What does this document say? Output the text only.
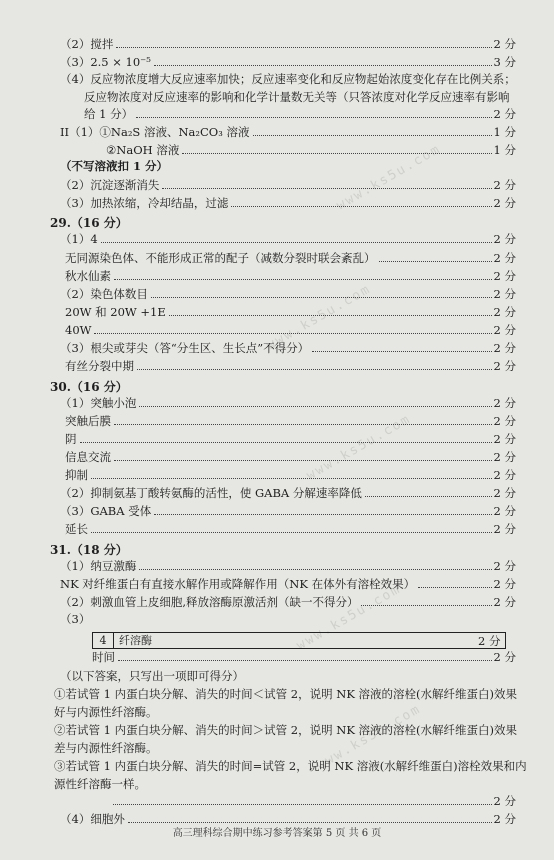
www.ks5u.com
www.ks5u.com
www.ks5u.com
www.ks5u.com
www.ks5u.com
（2）搅拌	2 分
（3）2.5 × 10⁻⁵	3 分
（4）反应物浓度增大反应速率加快；反应速率变化和反应物起始浓度变化存在比例关系；
反应物浓度对反应速率的影响和化学计量数无关等（只答浓度对化学反应速率有影响
给 1 分）	2 分
II（1）①Na₂S 溶液、Na₂CO₃ 溶液	1 分
②NaOH 溶液	1 分
（不写溶液扣 1 分）
（2）沉淀逐渐消失	2 分
（3）加热浓缩，冷却结晶，过滤	2 分
29.（16 分）
（1）4	2 分
无同源染色体、不能形成正常的配子（减数分裂时联会紊乱）	2 分
秋水仙素	2 分
（2）染色体数目	2 分
20W 和 20W +1E	2 分
40W	2 分
（3）根尖或芽尖（答“分生区、生长点”不得分）	2 分
有丝分裂中期	2 分
30.（16 分）
（1）突触小泡	2 分
突触后膜	2 分
阴	2 分
信息交流	2 分
抑制	2 分
（2）抑制氨基丁酸转氨酶的活性，使 GABA 分解速率降低	2 分
（3）GABA 受体	2 分
延长	2 分
31.（18 分）
（1）纳豆激酶	2 分
NK 对纤维蛋白有直接水解作用或降解作用（NK 在体外有溶栓效果）	2 分
（2）刺激血管上皮细胞,释放溶酶原激活剂（缺一不得分）	2 分
（3）
4	纤溶酶	2 分
时间	2 分
（以下答案，只写出一项即可得分）
①若试管 1 内蛋白块分解、消失的时间＜试管 2，说明 NK 溶液的溶栓(水解纤维蛋白)效果
好与内源性纤溶酶。
②若试管 1 内蛋白块分解、消失的时间＞试管 2，说明 NK 溶液的溶栓(水解纤维蛋白)效果
差与内源性纤溶酶。
③若试管 1 内蛋白块分解、消失的时间=试管 2，说明 NK 溶液(水解纤维蛋白)溶栓效果和内
源性纤溶酶一样。
2 分
（4）细胞外	2 分
高三理科综合期中练习参考答案第 5 页 共 6 页
